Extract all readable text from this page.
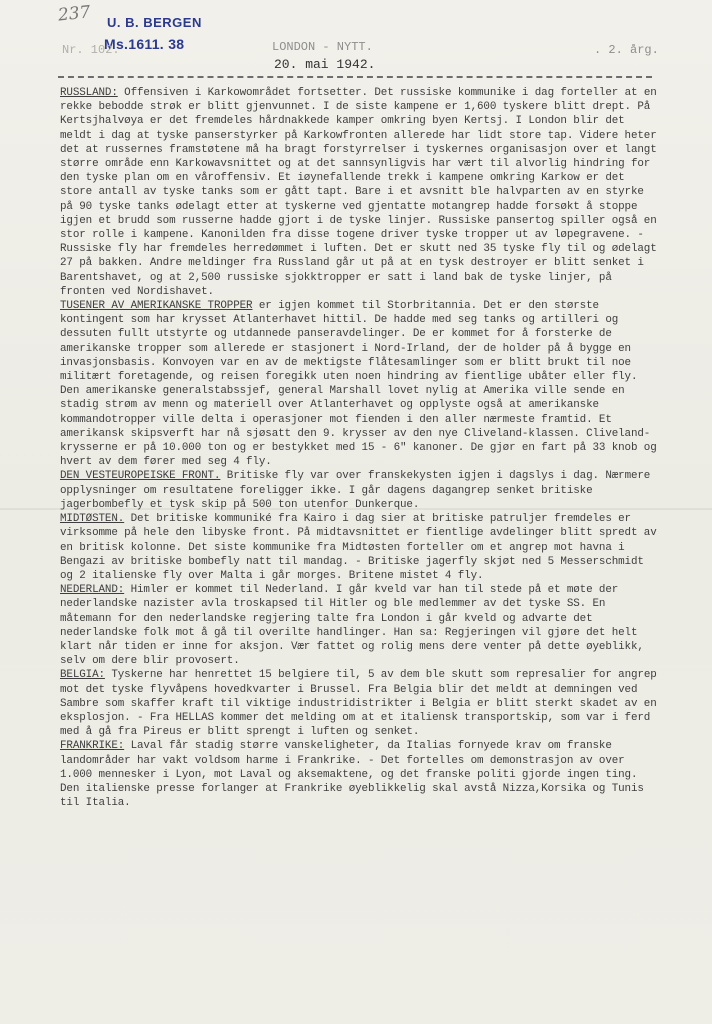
237 U. B. BERGEN
Ms.1611. 38
Nr. 102.	LONDON - NYTT.
20. mai 1942.
. 2. årg.

RUSSLAND: Offensiven i Karkowområdet fortsetter. Det russiske kommunike i dag forteller at en rekke bebodde strøk er blitt gjenvunnet. I de siste kampene er 1,600 tyskere blitt drept. På Kertsjhalvøya er det fremdeles hårdnakkede kamper omkring byen Kertsj. I London blir det meldt i dag at tyske panserstyrker på Karkowfronten allerede har lidt store tap. Videre heter det at russernes framstøtene må ha bragt forstyrrelser i tyskernes organisasjon over et langt større område enn Karkowavsnittet og at det sannsynligvis har vært til alvorlig hindring for den tyske plan om en våroffensiv. Et iøynefallende trekk i kampene omkring Karkow er det store antall av tyske tanks som er gått tapt. Bare i et avsnitt ble halvparten av en styrke på 90 tyske tanks ødelagt etter at tyskerne ved gjentatte motangrep hadde forsøkt å stoppe igjen et brudd som russerne hadde gjort i de tyske linjer. Russiske pansertog spiller også en stor rolle i kampene. Kanonilden fra disse togene driver tyske tropper ut av løpegravene. - Russiske fly har fremdeles herredømmet i luften. Det er skutt ned 35 tyske fly til og ødelagt 27 på bakken. Andre meldinger fra Russland går ut på at en tysk destroyer er blitt senket i Barentshavet, og at 2,500 russiske sjokktropper er satt i land bak de tyske linjer, på fronten ved Nordishavet.

TUSENER AV AMERIKANSKE TROPPER er igjen kommet til Storbritannia. Det er den største kontingent som har krysset Atlanterhavet hittil. De hadde med seg tanks og artilleri og dessuten fullt utstyrte og utdannede panseravdelinger. De er kommet for å forsterke de amerikanske tropper som allerede er stasjonert i Nord-Irland, der de holder på å bygge en invasjonsbasis. Konvoyen var en av de mektigste flåtesamlinger som er blitt brukt til noe militært foretagende, og reisen foregikk uten noen hindring av fientlige ubåter eller fly. Den amerikanske generalstabssjef, general Marshall lovet nylig at Amerika ville sende en stadig strøm av menn og materiell over Atlanterhavet og opplyste også at amerikanske kommandotropper ville delta i operasjoner mot fienden i den aller nærmeste framtid. Et amerikansk skipsverft har nå sjøsatt den 9. krysser av den nye Cliveland-klassen. Cliveland-krysserne er på 10.000 ton og er bestykket med 15 - 6" kanoner. De gjør en fart på 33 knob og hvert av dem fører med seg 4 fly.

DEN VESTEUROPEISKE FRONT. Britiske fly var over franskekysten igjen i dagslys i dag. Nærmere opplysninger om resultatene foreligger ikke. I går dagens dagangrep senket britiske jagerbombefly et tysk skip på 500 ton utenfor Dunkerque.

MIDTØSTEN. Det britiske kommuniké fra Kairo i dag sier at britiske patruljer fremdeles er virksomme på hele den libyske front. På midtavsnittet er fientlige avdelinger blitt spredt av en britisk kolonne. Det siste kommunike fra Midtøsten forteller om et angrep mot havna i Bengazi av britiske bombefly natt til mandag. - Britiske jagerfly skjøt ned 5 Messerschmidt og 2 italienske fly over Malta i går morges. Britene mistet 4 fly.

NEDERLAND: Himler er kommet til Nederland. I går kveld var han til stede på et møte der nederlandske nazister avla troskapsed til Hitler og ble medlemmer av det tyske SS. En måtemann for den nederlandske regjering talte fra London i går kveld og advarte det nederlandske folk mot å gå til overilte handlinger. Han sa: Regjeringen vil gjøre det helt klart når tiden er inne for aksjon. Vær fattet og rolig mens dere venter på dette øyeblikk, selv om dere blir provosert.

BELGIA: Tyskerne har henrettet 15 belgiere til, 5 av dem ble skutt som represalier for angrep mot det tyske flyvåpens hovedkvarter i Brussel. Fra Belgia blir det meldt at demningen ved Sambre som skaffer kraft til viktige industridistrikter i Belgia er blitt sterkt skadet av en eksplosjon. - Fra HELLAS kommer det melding om at et italiensk transportskip, som var i ferd med å gå fra Pireus er blitt sprengt i luften og senket.

FRANKRIKE: Laval får stadig større vanskeligheter, da Italias fornyede krav om franske landområder har vakt voldsom harme i Frankrike. - Det fortelles om demonstrasjon av over 1.000 mennesker i Lyon, mot Laval og aksemaktene, og det franske politi gjorde ingen ting. Den italienske presse forlanger at Frankrike øyeblikkelig skal avstå Nizza,Korsika og Tunis til Italia.
